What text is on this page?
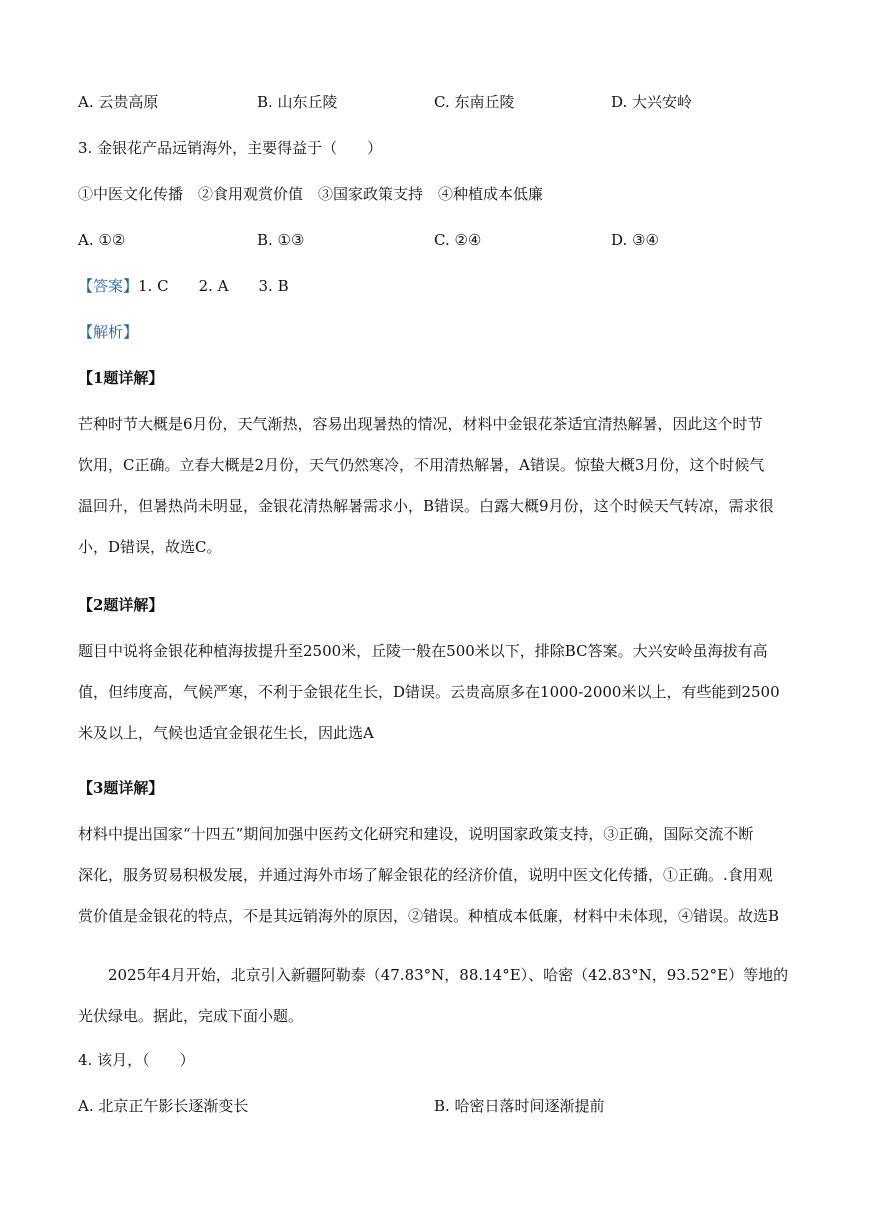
A. 云贵高原	B. 山东丘陵	C. 东南丘陵	D. 大兴安岭
3. 金银花产品远销海外，主要得益于（　　）
①中医文化传播　②食用观赏价值　③国家政策支持　④种植成本低廉
A. ①②	B. ①③	C. ②④	D. ③④
【答案】1. C　　2. A　　3. B
【解析】
【1题详解】
芒种时节大概是6月份，天气渐热，容易出现暑热的情况，材料中金银花茶适宜清热解暑，因此这个时节
饮用，C正确。立春大概是2月份，天气仍然寒冷，不用清热解暑，A错误。惊蛰大概3月份，这个时候气
温回升，但暑热尚未明显，金银花清热解暑需求小，B错误。白露大概9月份，这个时候天气转凉，需求很
小，D错误，故选C。
【2题详解】
题目中说将金银花种植海拔提升至2500米，丘陵一般在500米以下，排除BC答案。大兴安岭虽海拔有高
值，但纬度高，气候严寒，不利于金银花生长，D错误。云贵高原多在1000-2000米以上，有些能到2500
米及以上，气候也适宜金银花生长，因此选A
【3题详解】
材料中提出国家“十四五”期间加强中医药文化研究和建设，说明国家政策支持，③正确，国际交流不断
深化，服务贸易积极发展，并通过海外市场了解金银花的经济价值，说明中医文化传播，①正确。.食用观
赏价值是金银花的特点，不是其远销海外的原因，②错误。种植成本低廉，材料中未体现，④错误。故选B
　　2025年4月开始，北京引入新疆阿勒泰（47.83°N，88.14°E）、哈密（42.83°N，93.52°E）等地的
光伏绿电。据此，完成下面小题。
4. 该月，（　　）
A. 北京正午影长逐渐变长	B. 哈密日落时间逐渐提前
